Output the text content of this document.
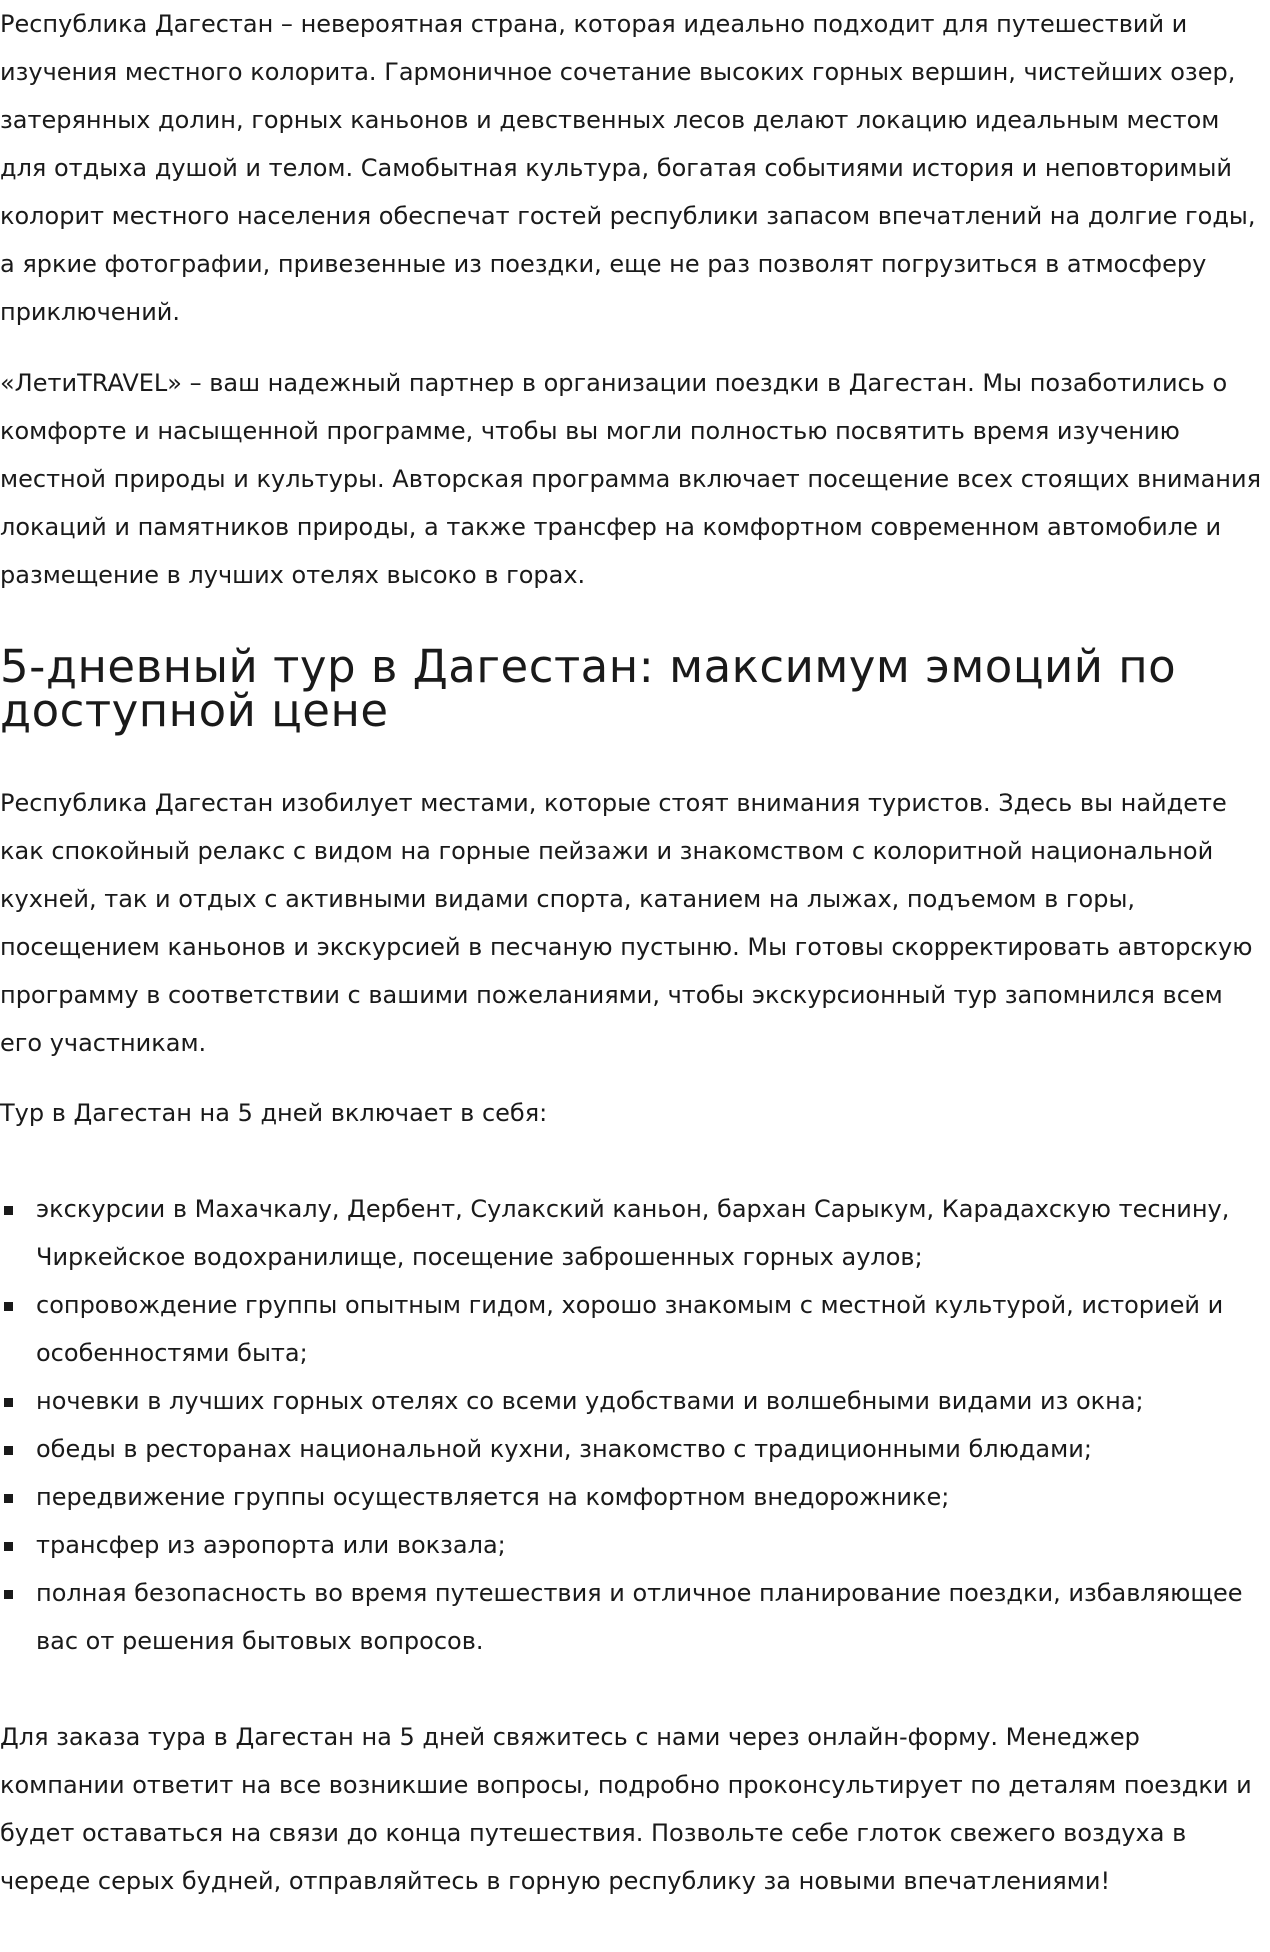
Республика Дагестан – невероятная страна, которая идеально подходит для путешествий и изучения местного колорита. Гармоничное сочетание высоких горных вершин, чистейших озер, затерянных долин, горных каньонов и девственных лесов делают локацию идеальным местом для отдыха душой и телом. Самобытная культура, богатая событиями история и неповторимый колорит местного населения обеспечат гостей республики запасом впечатлений на долгие годы, а яркие фотографии, привезенные из поездки, еще не раз позволят погрузиться в атмосферу приключений.

«ЛетиTRAVEL» – ваш надежный партнер в организации поездки в Дагестан. Мы позаботились о комфорте и насыщенной программе, чтобы вы могли полностью посвятить время изучению местной природы и культуры. Авторская программа включает посещение всех стоящих внимания локаций и памятников природы, а также трансфер на комфортном современном автомобиле и размещение в лучших отелях высоко в горах.

5-дневный тур в Дагестан: максимум эмоций по доступной цене

Республика Дагестан изобилует местами, которые стоят внимания туристов. Здесь вы найдете как спокойный релакс с видом на горные пейзажи и знакомством с колоритной национальной кухней, так и отдых с активными видами спорта, катанием на лыжах, подъемом в горы, посещением каньонов и экскурсией в песчаную пустыню. Мы готовы скорректировать авторскую программу в соответствии с вашими пожеланиями, чтобы экскурсионный тур запомнился всем его участникам.

Тур в Дагестан на 5 дней включает в себя:

экскурсии в Махачкалу, Дербент, Сулакский каньон, бархан Сарыкум, Карадахскую теснину, Чиркейское водохранилище, посещение заброшенных горных аулов;
сопровождение группы опытным гидом, хорошо знакомым с местной культурой, историей и особенностями быта;
ночевки в лучших горных отелях со всеми удобствами и волшебными видами из окна;
обеды в ресторанах национальной кухни, знакомство с традиционными блюдами;
передвижение группы осуществляется на комфортном внедорожнике;
трансфер из аэропорта или вокзала;
полная безопасность во время путешествия и отличное планирование поездки, избавляющее вас от решения бытовых вопросов.

Для заказа тура в Дагестан на 5 дней свяжитесь с нами через онлайн-форму. Менеджер компании ответит на все возникшие вопросы, подробно проконсультирует по деталям поездки и будет оставаться на связи до конца путешествия. Позвольте себе глоток свежего воздуха в череде серых будней, отправляйтесь в горную республику за новыми впечатлениями!
